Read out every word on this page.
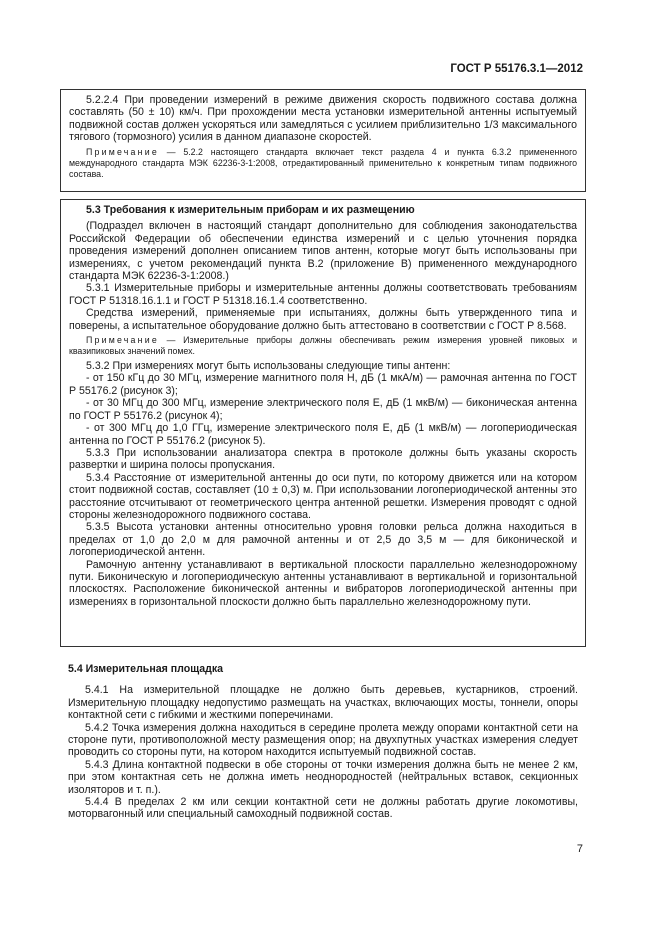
ГОСТ Р 55176.3.1—2012

5.2.2.4 При проведении измерений в режиме движения скорость подвижного состава должна составлять (50 ± 10) км/ч. При прохождении места установки измерительной антенны испытуемый подвижной состав должен ускоряться или замедляться с усилием приблизительно 1/3 максимального тягового (тормозного) усилия в данном диапазоне скоростей.

Примечание — 5.2.2 настоящего стандарта включает текст раздела 4 и пункта 6.3.2 примененного международного стандарта МЭК 62236-3-1:2008, отредактированный применительно к конкретным типам подвижного состава.

5.3 Требования к измерительным приборам и их размещению

(Подраздел включен в настоящий стандарт дополнительно для соблюдения законодательства Российской Федерации об обеспечении единства измерений и с целью уточнения порядка проведения измерений дополнен описанием типов антенн, которые могут быть использованы при измерениях, с учетом рекомендаций пункта В.2 (приложение В) примененного международного стандарта МЭК 62236-3-1:2008.)

5.3.1 Измерительные приборы и измерительные антенны должны соответствовать требованиям ГОСТ Р 51318.16.1.1 и ГОСТ Р 51318.16.1.4 соответственно.

Средства измерений, применяемые при испытаниях, должны быть утвержденного типа и поверены, а испытательное оборудование должно быть аттестовано в соответствии с ГОСТ Р 8.568.

Примечание — Измерительные приборы должны обеспечивать режим измерения уровней пиковых и квазипиковых значений помех.

5.3.2 При измерениях могут быть использованы следующие типы антенн:

- от 150 кГц до 30 МГц, измерение магнитного поля H, дБ (1 мкА/м) — рамочная антенна по ГОСТ Р 55176.2 (рисунок 3);

- от 30 МГц до 300 МГц, измерение электрического поля E, дБ (1 мкВ/м) — биконическая антенна по ГОСТ Р 55176.2 (рисунок 4);

- от 300 МГц до 1,0 ГГц, измерение электрического поля E, дБ (1 мкВ/м) — логопериодическая антенна по ГОСТ Р 55176.2 (рисунок 5).

5.3.3 При использовании анализатора спектра в протоколе должны быть указаны скорость развертки и ширина полосы пропускания.

5.3.4 Расстояние от измерительной антенны до оси пути, по которому движется или на котором стоит подвижной состав, составляет (10 ± 0,3) м. При использовании логопериодической антенны это расстояние отсчитывают от геометрического центра антенной решетки. Измерения проводят с одной стороны железнодорожного подвижного состава.

5.3.5 Высота установки антенны относительно уровня головки рельса должна находиться в пределах от 1,0 до 2,0 м для рамочной антенны и от 2,5 до 3,5 м — для биконической и логопериодической антенн.

Рамочную антенну устанавливают в вертикальной плоскости параллельно железнодорожному пути. Биконическую и логопериодическую антенны устанавливают в вертикальной и горизонтальной плоскостях. Расположение биконической антенны и вибраторов логопериодической антенны при измерениях в горизонтальной плоскости должно быть параллельно железнодорожному пути.

5.4 Измерительная площадка

5.4.1 На измерительной площадке не должно быть деревьев, кустарников, строений. Измерительную площадку недопустимо размещать на участках, включающих мосты, тоннели, опоры контактной сети с гибкими и жесткими поперечинами.

5.4.2 Точка измерения должна находиться в середине пролета между опорами контактной сети на стороне пути, противоположной месту размещения опор; на двухпутных участках измерения следует проводить со стороны пути, на котором находится испытуемый подвижной состав.

5.4.3 Длина контактной подвески в обе стороны от точки измерения должна быть не менее 2 км, при этом контактная сеть не должна иметь неоднородностей (нейтральных вставок, секционных изоляторов и т. п.).

5.4.4 В пределах 2 км или секции контактной сети не должны работать другие локомотивы, моторвагонный или специальный самоходный подвижной состав.

7
